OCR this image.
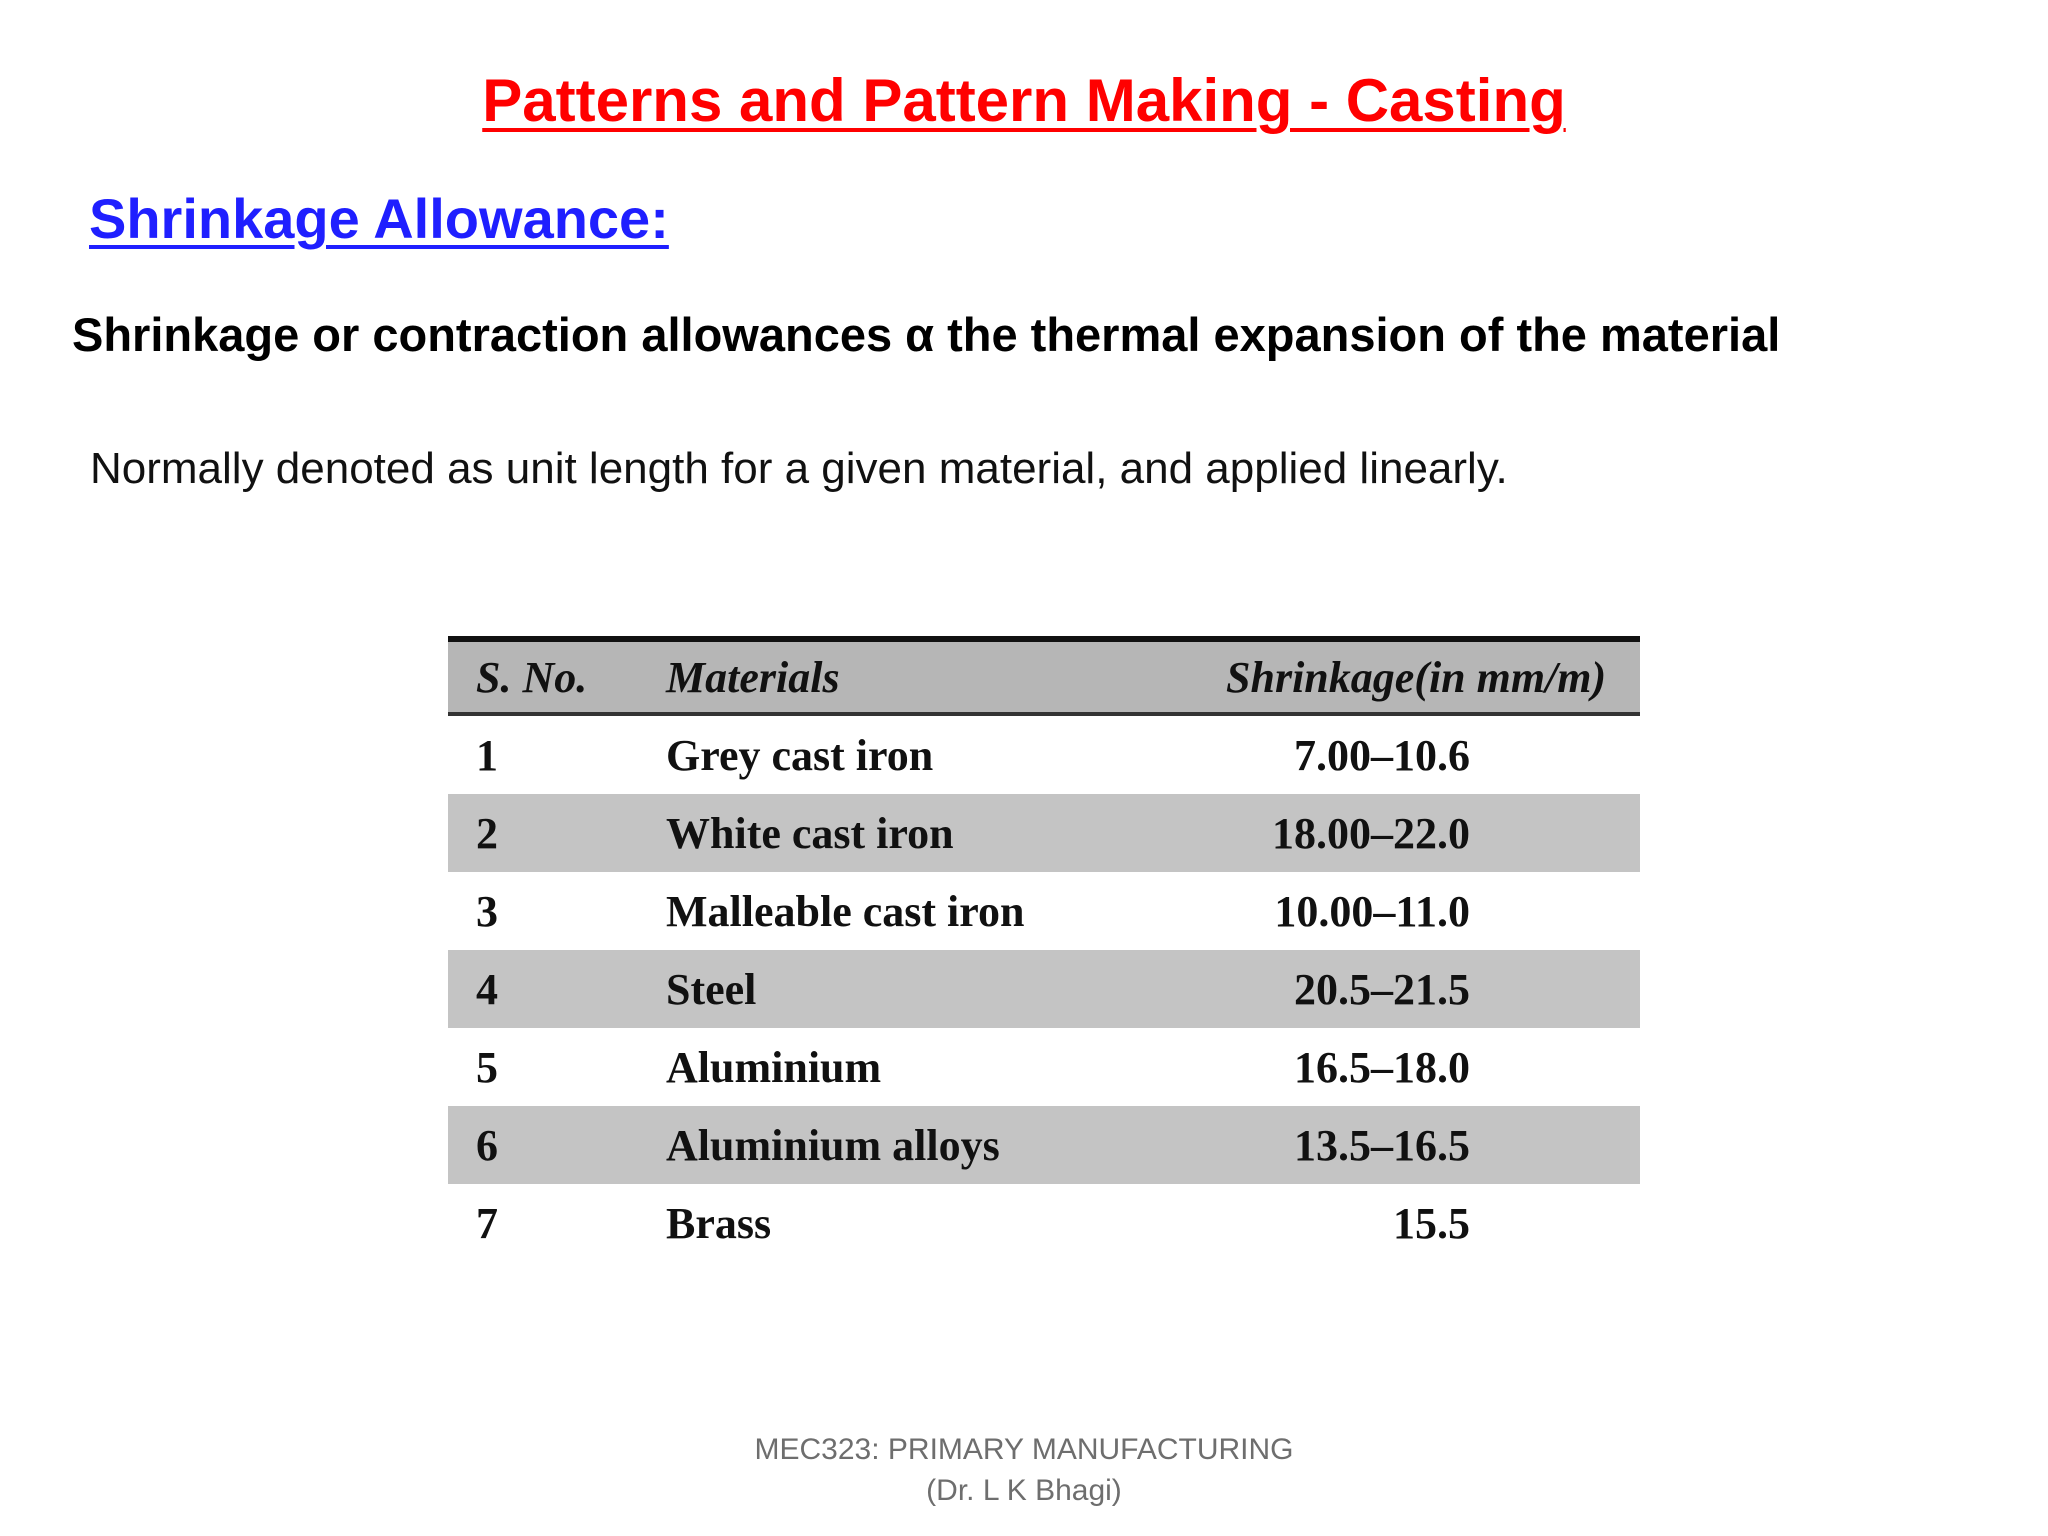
Patterns and Pattern Making - Casting
Shrinkage Allowance:
Shrinkage or contraction allowances α the thermal expansion of the material
Normally denoted as unit length for a given material, and applied linearly.
S. No.	Materials	Shrinkage(in mm/m)
1	Grey cast iron	7.00–10.6
2	White cast iron	18.00–22.0
3	Malleable cast iron	10.00–11.0
4	Steel	20.5–21.5
5	Aluminium	16.5–18.0
6	Aluminium alloys	13.5–16.5
7	Brass	15.5
MEC323: PRIMARY MANUFACTURING
(Dr. L K Bhagi)
